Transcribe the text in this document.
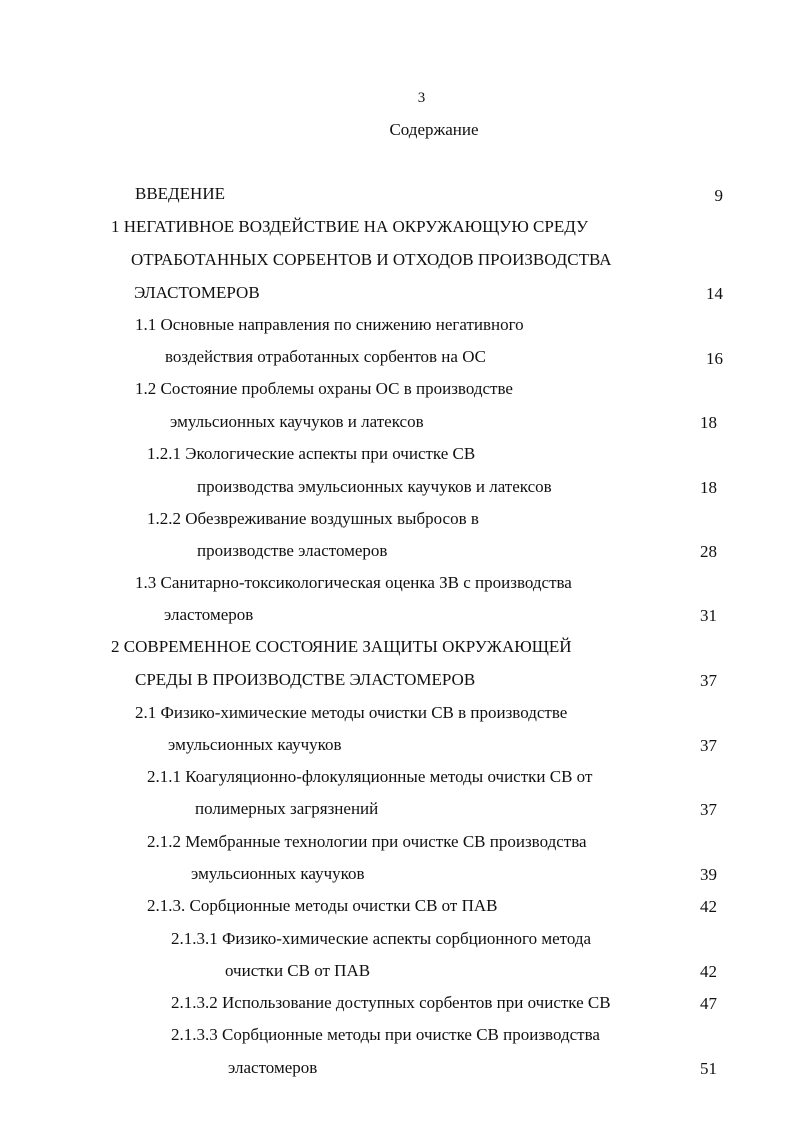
3
Содержание
ВВЕДЕНИЕ	9
1 НЕГАТИВНОЕ ВОЗДЕЙСТВИЕ НА ОКРУЖАЮЩУЮ СРЕДУ
ОТРАБОТАННЫХ СОРБЕНТОВ И ОТХОДОВ ПРОИЗВОДСТВА
ЭЛАСТОМЕРОВ	14
1.1 Основные направления по снижению негативного
воздействия отработанных сорбентов на ОС	16
1.2 Состояние проблемы охраны ОС в производстве
эмульсионных каучуков и латексов	18
1.2.1 Экологические аспекты при очистке СВ
производства эмульсионных каучуков и латексов	18
1.2.2 Обезвреживание воздушных выбросов в
производстве эластомеров	28
1.3 Санитарно-токсикологическая оценка ЗВ с производства
эластомеров	31
2 СОВРЕМЕННОЕ СОСТОЯНИЕ ЗАЩИТЫ ОКРУЖАЮЩЕЙ
СРЕДЫ В ПРОИЗВОДСТВЕ ЭЛАСТОМЕРОВ	37
2.1 Физико-химические методы очистки СВ в производстве
эмульсионных каучуков	37
2.1.1 Коагуляционно-флокуляционные методы очистки СВ от
полимерных загрязнений	37
2.1.2 Мембранные технологии при очистке СВ производства
эмульсионных каучуков	39
2.1.3. Сорбционные методы очистки СВ от ПАВ	42
2.1.3.1 Физико-химические аспекты сорбционного метода
очистки СВ от ПАВ	42
2.1.3.2 Использование доступных сорбентов при очистке СВ	47
2.1.3.3 Сорбционные методы при очистке СВ производства
эластомеров	51
